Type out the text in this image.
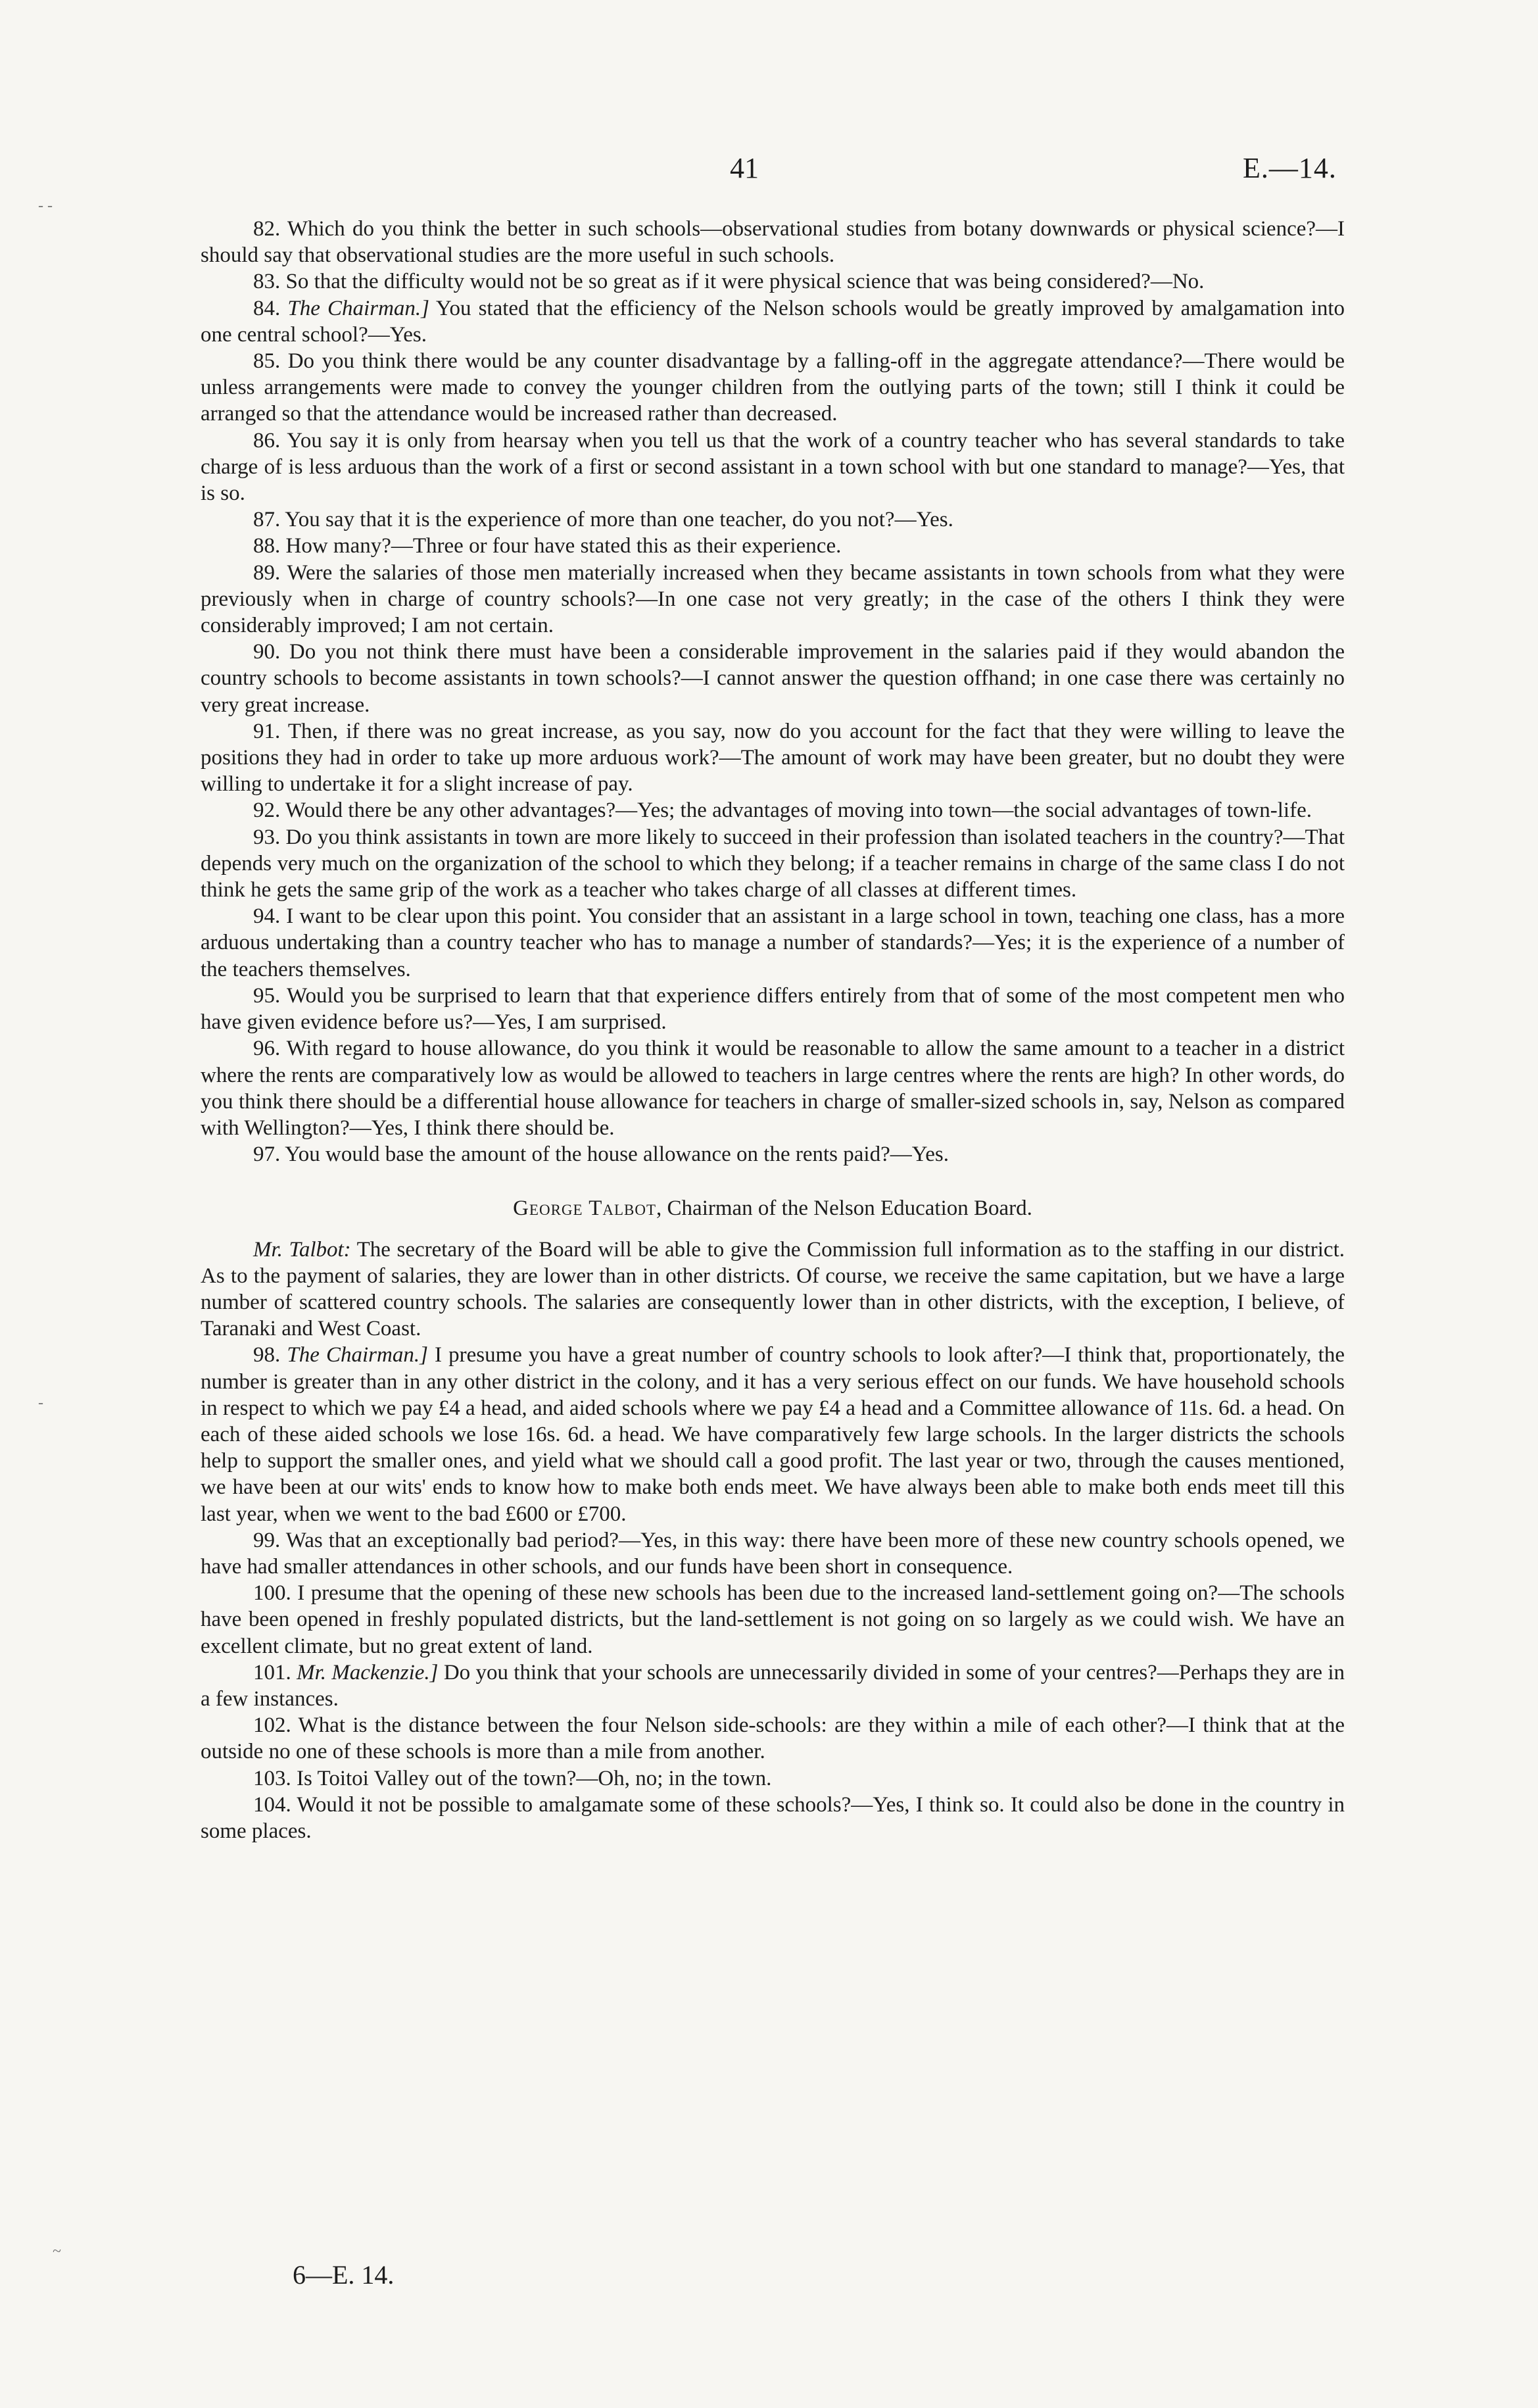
41	E.—14.

82. Which do you think the better in such schools—observational studies from botany downwards or physical science?—I should say that observational studies are the more useful in such schools.

83. So that the difficulty would not be so great as if it were physical science that was being considered?—No.

84. The Chairman.] You stated that the efficiency of the Nelson schools would be greatly improved by amalgamation into one central school?—Yes.

85. Do you think there would be any counter disadvantage by a falling-off in the aggregate attendance?—There would be unless arrangements were made to convey the younger children from the outlying parts of the town; still I think it could be arranged so that the attendance would be increased rather than decreased.

86. You say it is only from hearsay when you tell us that the work of a country teacher who has several standards to take charge of is less arduous than the work of a first or second assistant in a town school with but one standard to manage?—Yes, that is so.

87. You say that it is the experience of more than one teacher, do you not?—Yes.

88. How many?—Three or four have stated this as their experience.

89. Were the salaries of those men materially increased when they became assistants in town schools from what they were previously when in charge of country schools?—In one case not very greatly; in the case of the others I think they were considerably improved; I am not certain.

90. Do you not think there must have been a considerable improvement in the salaries paid if they would abandon the country schools to become assistants in town schools?—I cannot answer the question offhand; in one case there was certainly no very great increase.

91. Then, if there was no great increase, as you say, now do you account for the fact that they were willing to leave the positions they had in order to take up more arduous work?—The amount of work may have been greater, but no doubt they were willing to undertake it for a slight increase of pay.

92. Would there be any other advantages?—Yes; the advantages of moving into town—the social advantages of town-life.

93. Do you think assistants in town are more likely to succeed in their profession than isolated teachers in the country?—That depends very much on the organization of the school to which they belong; if a teacher remains in charge of the same class I do not think he gets the same grip of the work as a teacher who takes charge of all classes at different times.

94. I want to be clear upon this point. You consider that an assistant in a large school in town, teaching one class, has a more arduous undertaking than a country teacher who has to manage a number of standards?—Yes; it is the experience of a number of the teachers themselves.

95. Would you be surprised to learn that that experience differs entirely from that of some of the most competent men who have given evidence before us?—Yes, I am surprised.

96. With regard to house allowance, do you think it would be reasonable to allow the same amount to a teacher in a district where the rents are comparatively low as would be allowed to teachers in large centres where the rents are high? In other words, do you think there should be a differential house allowance for teachers in charge of smaller-sized schools in, say, Nelson as compared with Wellington?—Yes, I think there should be.

97. You would base the amount of the house allowance on the rents paid?—Yes.

George Talbot, Chairman of the Nelson Education Board.

Mr. Talbot: The secretary of the Board will be able to give the Commission full information as to the staffing in our district. As to the payment of salaries, they are lower than in other districts. Of course, we receive the same capitation, but we have a large number of scattered country schools. The salaries are consequently lower than in other districts, with the exception, I believe, of Taranaki and West Coast.

98. The Chairman.] I presume you have a great number of country schools to look after?—I think that, proportionately, the number is greater than in any other district in the colony, and it has a very serious effect on our funds. We have household schools in respect to which we pay £4 a head, and aided schools where we pay £4 a head and a Committee allowance of 11s. 6d. a head. On each of these aided schools we lose 16s. 6d. a head. We have comparatively few large schools. In the larger districts the schools help to support the smaller ones, and yield what we should call a good profit. The last year or two, through the causes mentioned, we have been at our wits' ends to know how to make both ends meet. We have always been able to make both ends meet till this last year, when we went to the bad £600 or £700.

99. Was that an exceptionally bad period?—Yes, in this way: there have been more of these new country schools opened, we have had smaller attendances in other schools, and our funds have been short in consequence.

100. I presume that the opening of these new schools has been due to the increased land-settlement going on?—The schools have been opened in freshly populated districts, but the land-settlement is not going on so largely as we could wish. We have an excellent climate, but no great extent of land.

101. Mr. Mackenzie.] Do you think that your schools are unnecessarily divided in some of your centres?—Perhaps they are in a few instances.

102. What is the distance between the four Nelson side-schools: are they within a mile of each other?—I think that at the outside no one of these schools is more than a mile from another.

103. Is Toitoi Valley out of the town?—Oh, no; in the town.

104. Would it not be possible to amalgamate some of these schools?—Yes, I think so. It could also be done in the country in some places.

6—E. 14.
- -
-
~
